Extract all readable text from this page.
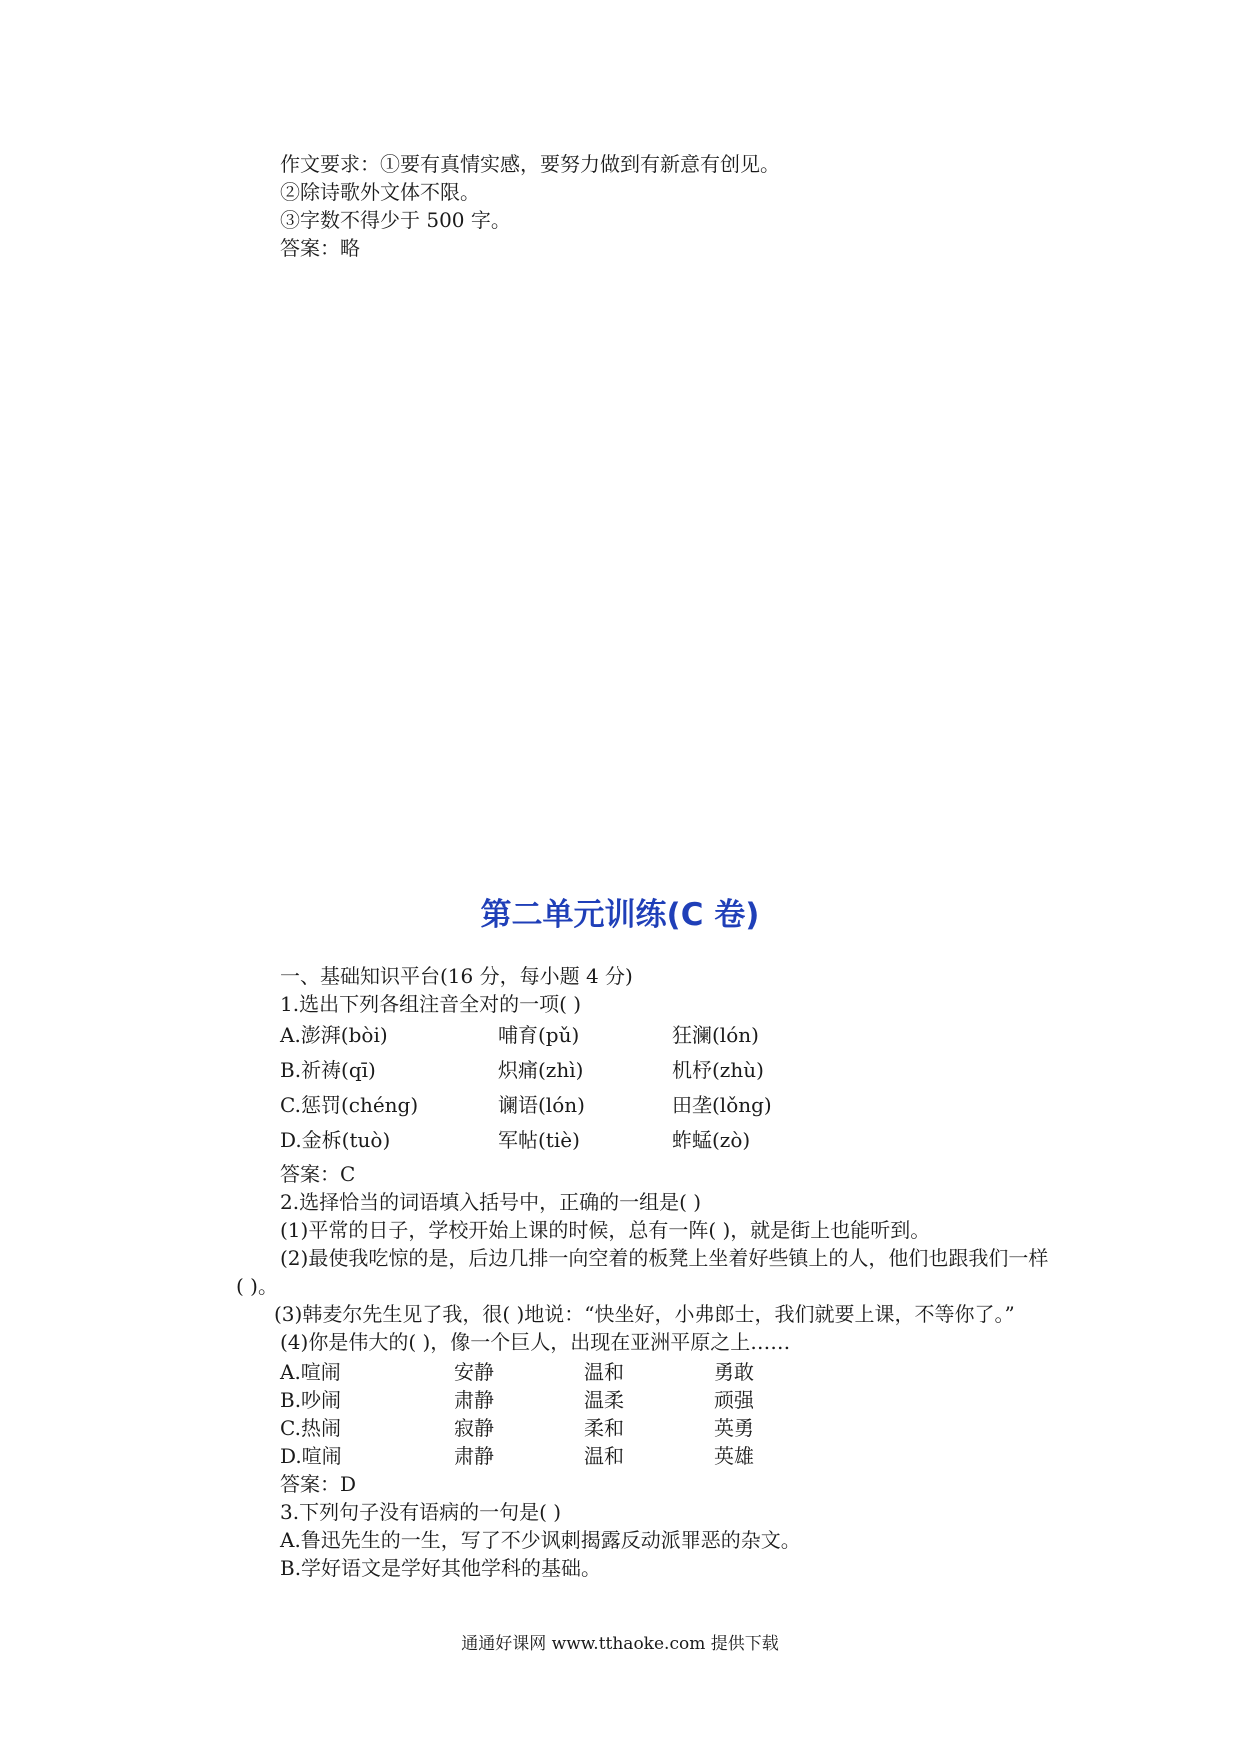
作文要求：①要有真情实感，要努力做到有新意有创见。
②除诗歌外文体不限。
③字数不得少于 500 字。
答案：略
第二单元训练(C 卷)
一、基础知识平台(16 分，每小题 4 分)
1.选出下列各组注音全对的一项( )
A.澎湃(bòi)	哺育(pǔ)	狂澜(lón)
B.祈祷(qī)	炽痛(zhì)	机杼(zhù)
C.惩罚(chéng)	谰语(lón)	田垄(lǒng)
D.金柝(tuò)	军帖(tiè)	蚱蜢(zò)
答案：C
2.选择恰当的词语填入括号中，正确的一组是( )
(1)平常的日子，学校开始上课的时候，总有一阵( )，就是街上也能听到。
(2)最使我吃惊的是，后边几排一向空着的板凳上坐着好些镇上的人，他们也跟我们一样
( )。
(3)韩麦尔先生见了我，很( )地说：“快坐好，小弗郎士，我们就要上课，不等你了。”
(4)你是伟大的( )，像一个巨人，出现在亚洲平原之上……
A.喧闹	安静	温和	勇敢
B.吵闹	肃静	温柔	顽强
C.热闹	寂静	柔和	英勇
D.喧闹	肃静	温和	英雄
答案：D
3.下列句子没有语病的一句是( )
A.鲁迅先生的一生，写了不少讽刺揭露反动派罪恶的杂文。
B.学好语文是学好其他学科的基础。
通通好课网 www.tthaoke.com 提供下载
